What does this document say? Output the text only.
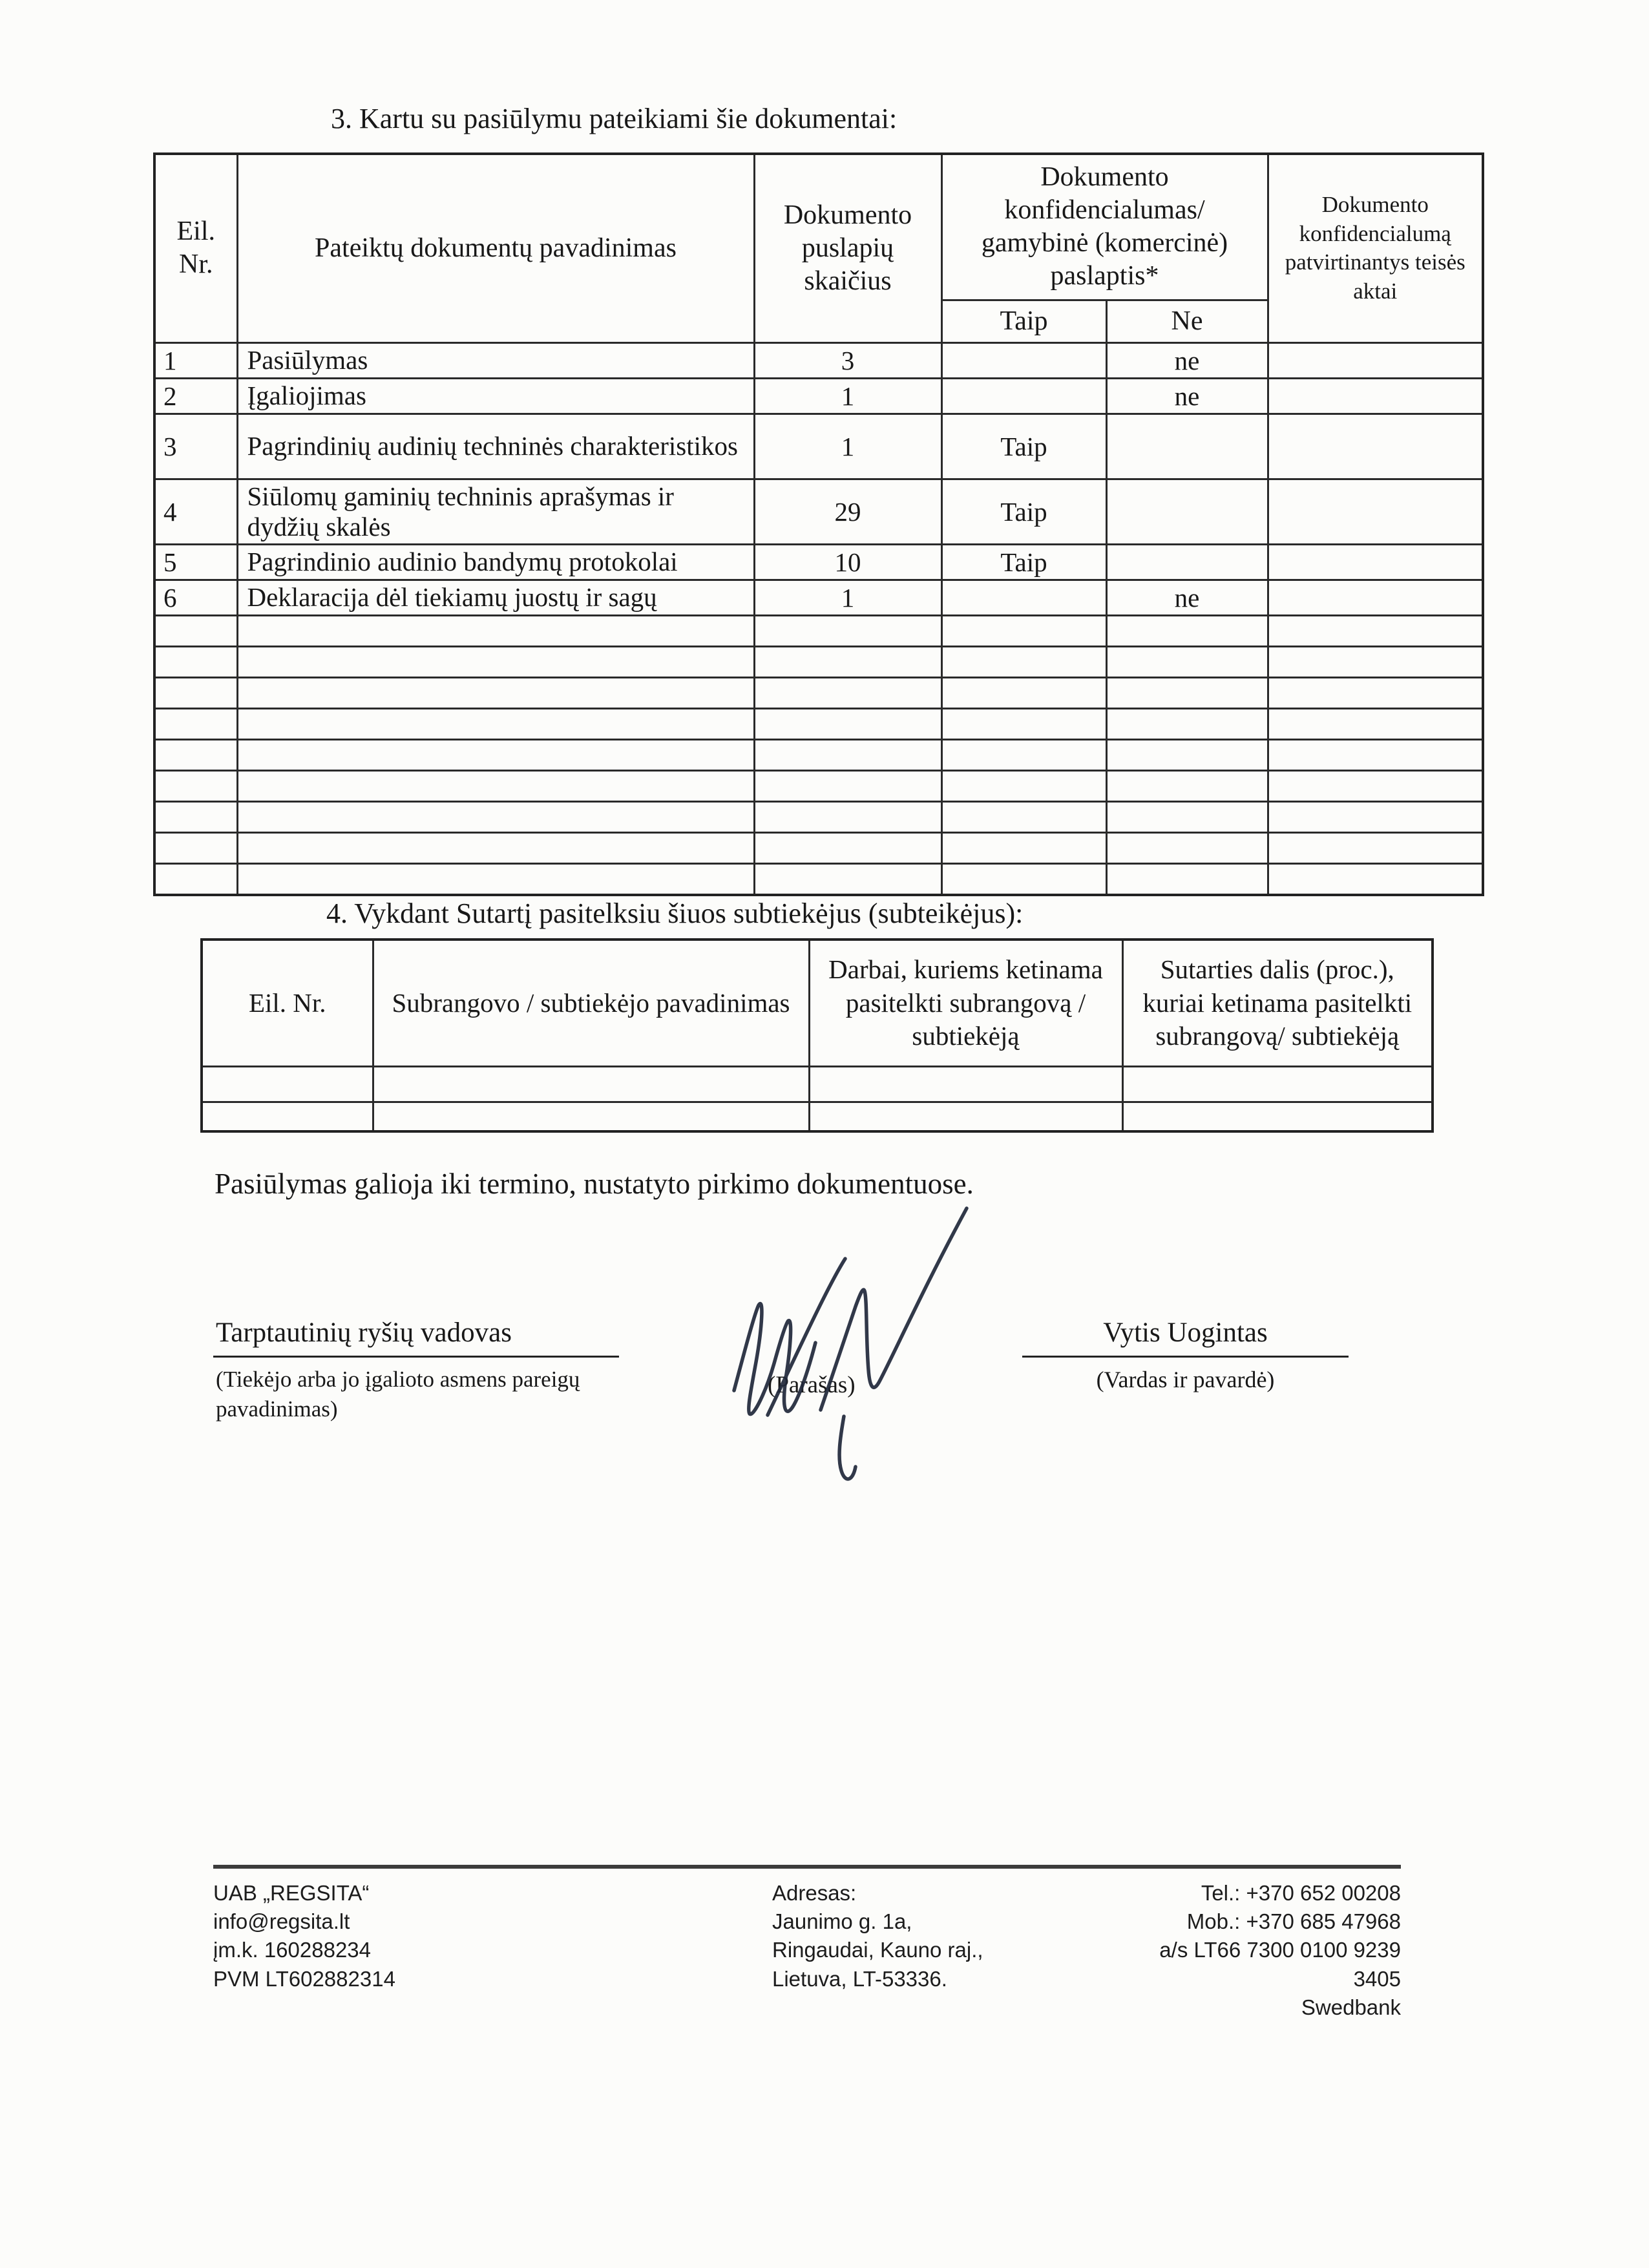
3. Kartu su pasiūlymu pateikiami šie dokumentai:
Eil. Nr.	Pateiktų dokumentų pavadinimas	Dokumento puslapių skaičius	Dokumento konfidencialumas/ gamybinė (komercinė) paslaptis*		Dokumento konfidencialumą patvirtinantys teisės aktai
			Taip	Ne	
1	Pasiūlymas	3		ne	
2	Įgaliojimas	1		ne	
3	Pagrindinių audinių techninės charakteristikos	1	Taip		
4	Siūlomų gaminių techninis aprašymas ir dydžių skalės	29	Taip		
5	Pagrindinio audinio bandymų protokolai	10	Taip		
6	Deklaracija dėl tiekiamų juostų ir sagų	1		ne	

4. Vykdant Sutartį pasitelksiu šiuos subtiekėjus (subteikėjus):
Eil. Nr.	Subrangovo / subtiekėjo pavadinimas	Darbai, kuriems ketinama pasitelkti subrangovą / subtiekėją	Sutarties dalis (proc.), kuriai ketinama pasitelkti subrangovą/ subtiekėją

Pasiūlymas galioja iki termino, nustatyto pirkimo dokumentuose.
Tarptautinių ryšių vadovas
(Tiekėjo arba jo įgalioto asmens pareigų pavadinimas)
(Parašas)
Vytis Uogintas
(Vardas ir pavardė)
UAB „REGSITA“
info@regsita.lt
įm.k. 160288234
PVM LT602882314
Adresas:
Jaunimo g. 1a,
Ringaudai, Kauno raj.,
Lietuva, LT-53336.
Tel.: +370 652 00208
Mob.: +370 685 47968
a/s LT66 7300 0100 9239 3405
Swedbank
